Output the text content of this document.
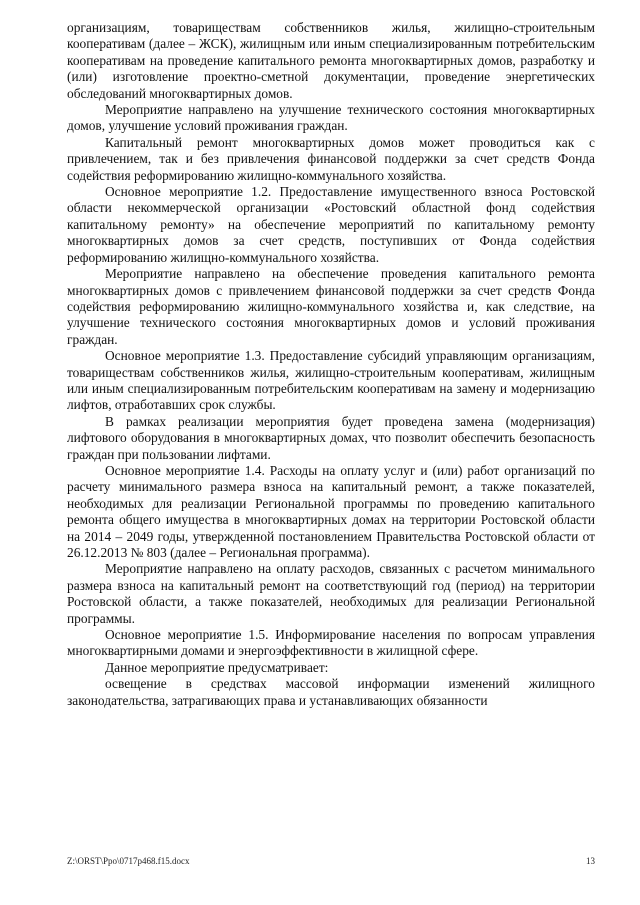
организациям, товариществам собственников жилья, жилищно-строительным кооперативам (далее – ЖСК), жилищным или иным специализированным потребительским кооперативам на проведение капитального ремонта многоквартирных домов, разработку и (или) изготовление проектно-сметной документации, проведение энергетических обследований многоквартирных домов.

Мероприятие направлено на улучшение технического состояния многоквартирных домов, улучшение условий проживания граждан.

Капитальный ремонт многоквартирных домов может проводиться как с привлечением, так и без привлечения финансовой поддержки за счет средств Фонда содействия реформированию жилищно-коммунального хозяйства.

Основное мероприятие 1.2. Предоставление имущественного взноса Ростовской области некоммерческой организации «Ростовский областной фонд содействия капитальному ремонту» на обеспечение мероприятий по капитальному ремонту многоквартирных домов за счет средств, поступивших от Фонда содействия реформированию жилищно-коммунального хозяйства.

Мероприятие направлено на обеспечение проведения капитального ремонта многоквартирных домов с привлечением финансовой поддержки за счет средств Фонда содействия реформированию жилищно-коммунального хозяйства и, как следствие, на улучшение технического состояния многоквартирных домов и условий проживания граждан.

Основное мероприятие 1.3. Предоставление субсидий управляющим организациям, товариществам собственников жилья, жилищно-строительным кооперативам, жилищным или иным специализированным потребительским кооперативам на замену и модернизацию лифтов, отработавших срок службы.

В рамках реализации мероприятия будет проведена замена (модернизация) лифтового оборудования в многоквартирных домах, что позволит обеспечить безопасность граждан при пользовании лифтами.

Основное мероприятие 1.4. Расходы на оплату услуг и (или) работ организаций по расчету минимального размера взноса на капитальный ремонт, а также показателей, необходимых для реализации Региональной программы по проведению капитального ремонта общего имущества в многоквартирных домах на территории Ростовской области на 2014 – 2049 годы, утвержденной постановлением Правительства Ростовской области от 26.12.2013 № 803 (далее – Региональная программа).

Мероприятие направлено на оплату расходов, связанных с расчетом минимального размера взноса на капитальный ремонт на соответствующий год (период) на территории Ростовской области, а также показателей, необходимых для реализации Региональной программы.

Основное мероприятие 1.5. Информирование населения по вопросам управления многоквартирными домами и энергоэффективности в жилищной сфере.

Данное мероприятие предусматривает:

освещение в средствах массовой информации изменений жилищного законодательства, затрагивающих права и устанавливающих обязанности

Z:\ORST\Ppo\0717p468.f15.docx	13
